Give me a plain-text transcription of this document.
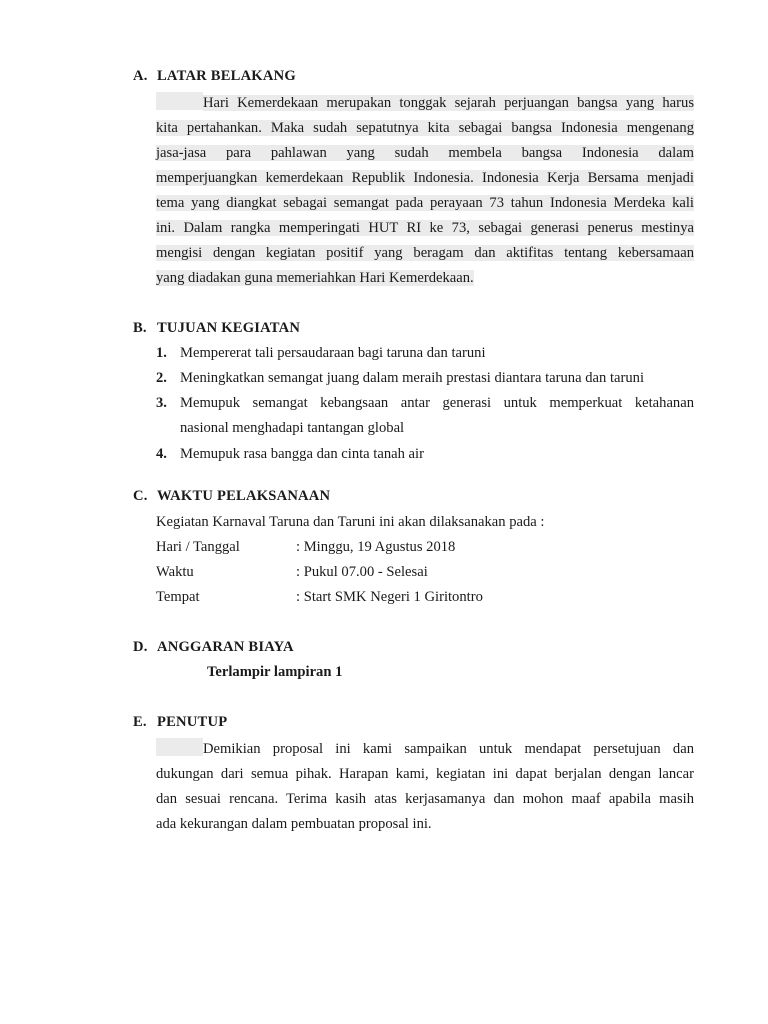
A. LATAR BELAKANG
Hari Kemerdekaan merupakan tonggak sejarah perjuangan bangsa yang harus
kita pertahankan. Maka sudah sepatutnya kita sebagai bangsa Indonesia mengenang
jasa-jasa para pahlawan yang sudah membela bangsa Indonesia dalam
memperjuangkan kemerdekaan Republik Indonesia. Indonesia Kerja Bersama menjadi
tema yang diangkat sebagai semangat pada perayaan 73 tahun Indonesia Merdeka kali
ini. Dalam rangka memperingati HUT RI ke 73, sebagai generasi penerus mestinya
mengisi dengan kegiatan positif yang beragam dan aktifitas tentang kebersamaan
yang diadakan guna memeriahkan Hari Kemerdekaan.
B. TUJUAN KEGIATAN
1. Mempererat tali persaudaraan bagi taruna dan taruni
2. Meningkatkan semangat juang dalam meraih prestasi diantara taruna dan taruni
3. Memupuk semangat kebangsaan antar generasi untuk memperkuat ketahanan
nasional menghadapi tantangan global
4. Memupuk rasa bangga dan cinta tanah air
C. WAKTU PELAKSANAAN
Kegiatan Karnaval Taruna dan Taruni ini akan dilaksanakan pada :
Hari / Tanggal	: Minggu, 19 Agustus 2018
Waktu	: Pukul 07.00 - Selesai
Tempat	: Start SMK Negeri 1 Giritontro
D. ANGGARAN BIAYA
Terlampir lampiran 1
E. PENUTUP
Demikian proposal ini kami sampaikan untuk mendapat persetujuan dan
dukungan dari semua pihak. Harapan kami, kegiatan ini dapat berjalan dengan lancar
dan sesuai rencana. Terima kasih atas kerjasamanya dan mohon maaf apabila masih
ada kekurangan dalam pembuatan proposal ini.
